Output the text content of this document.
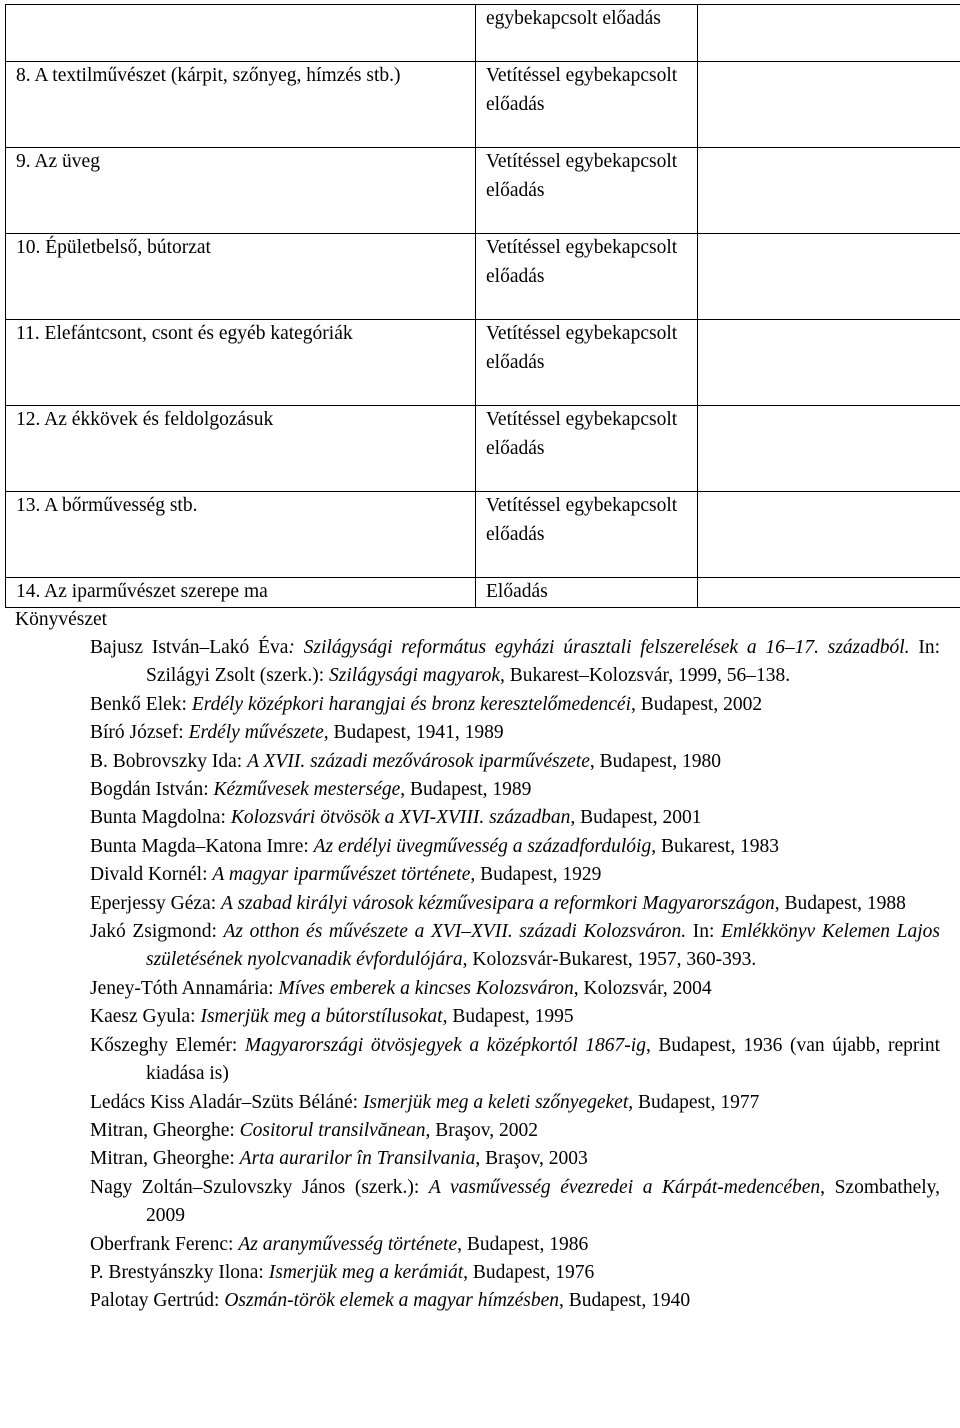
	egybekapcsolt előadás	
8. A textilművészet (kárpit, szőnyeg, hímzés stb.)	Vetítéssel egybekapcsolt előadás	
9. Az üveg	Vetítéssel egybekapcsolt előadás	
10. Épületbelső, bútorzat	Vetítéssel egybekapcsolt előadás	
11. Elefántcsont, csont és egyéb kategóriák	Vetítéssel egybekapcsolt előadás	
12. Az ékkövek és feldolgozásuk	Vetítéssel egybekapcsolt előadás	
13. A bőrművesség stb.	Vetítéssel egybekapcsolt előadás	
14. Az iparművészet szerepe ma	Előadás	

Könyvészet

Bajusz István–Lakó Éva: Szilágysági református egyházi úrasztali felszerelések a 16–17. századból. In: Szilágyi Zsolt (szerk.): Szilágysági magyarok, Bukarest–Kolozsvár, 1999, 56–138.

Benkő Elek: Erdély középkori harangjai és bronz keresztelőmedencéi, Budapest, 2002

Bíró József: Erdély művészete, Budapest, 1941, 1989

B. Bobrovszky Ida: A XVII. századi mezővárosok iparművészete, Budapest, 1980

Bogdán István: Kézművesek mestersége, Budapest, 1989

Bunta Magdolna: Kolozsvári ötvösök a XVI-XVIII. században, Budapest, 2001

Bunta Magda–Katona Imre: Az erdélyi üvegművesség a századfordulóig, Bukarest, 1983

Divald Kornél: A magyar iparművészet története, Budapest, 1929

Eperjessy Géza: A szabad királyi városok kézművesipara a reformkori Magyarországon, Budapest, 1988

Jakó Zsigmond: Az otthon és művészete a XVI–XVII. századi Kolozsváron. In: Emlékkönyv Kelemen Lajos születésének nyolcvanadik évfordulójára, Kolozsvár-Bukarest, 1957, 360-393.

Jeney-Tóth Annamária: Míves emberek a kincses Kolozsváron, Kolozsvár, 2004

Kaesz Gyula: Ismerjük meg a bútorstílusokat, Budapest, 1995

Kőszeghy Elemér: Magyarországi ötvösjegyek a középkortól 1867-ig, Budapest, 1936 (van újabb, reprint kiadása is)

Ledács Kiss Aladár–Szüts Béláné: Ismerjük meg a keleti szőnyegeket, Budapest, 1977

Mitran, Gheorghe: Cositorul transilvănean, Braşov, 2002

Mitran, Gheorghe: Arta aurarilor în Transilvania, Braşov, 2003

Nagy Zoltán–Szulovszky János (szerk.): A vasművesség évezredei a Kárpát-medencében, Szombathely, 2009

Oberfrank Ferenc: Az aranyművesség története, Budapest, 1986

P. Brestyánszky Ilona: Ismerjük meg a kerámiát, Budapest, 1976

Palotay Gertrúd: Oszmán-török elemek a magyar hímzésben, Budapest, 1940
